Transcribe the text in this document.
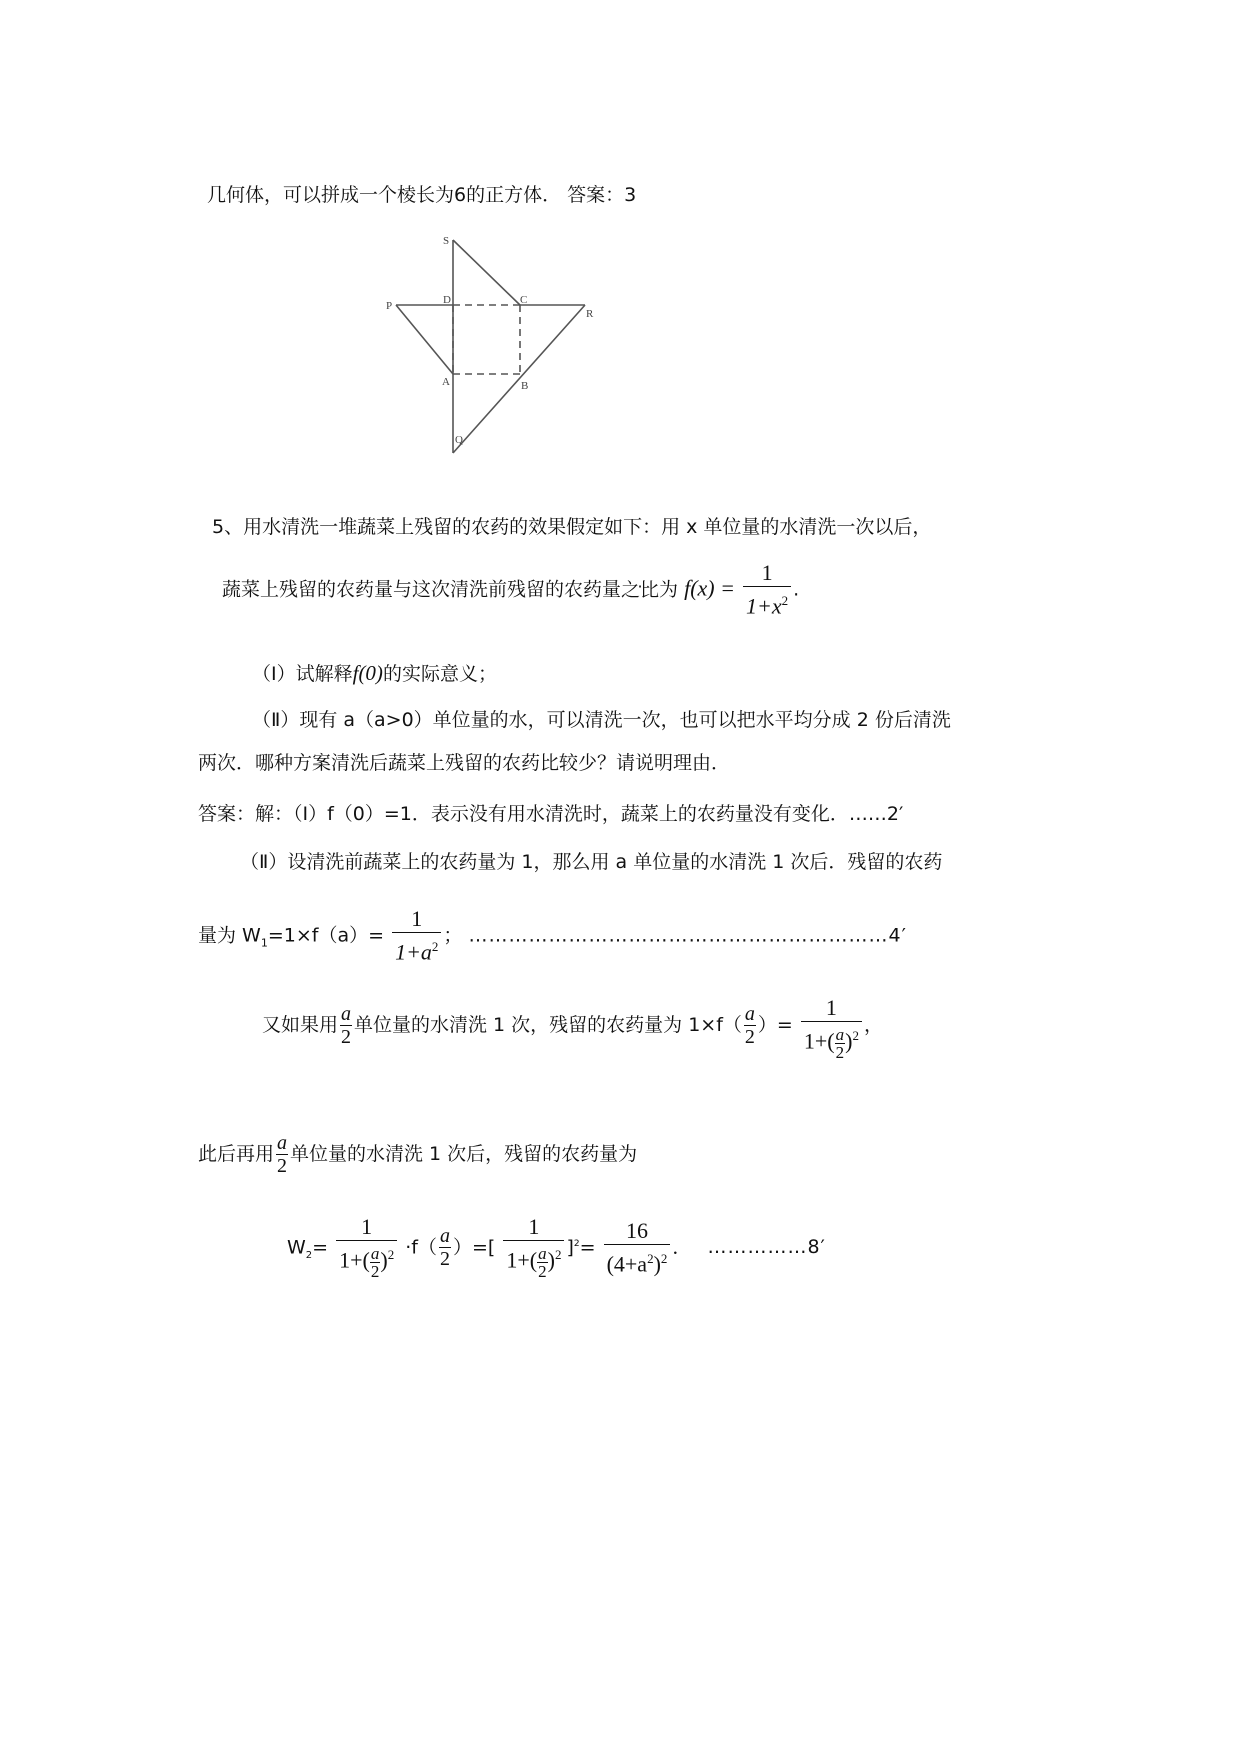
几何体，可以拼成一个棱长为6的正方体． 答案：3
S
D	C
P
R
A	B
Q
5、用水清洗一堆蔬菜上残留的农药的效果假定如下：用 x 单位量的水清洗一次以后，
蔬菜上残留的农药量与这次清洗前残留的农药量之比 ·为 $f(x) = \frac{1}{1+x^2}$ .
（Ⅰ）试解释f(0)的实际意义；
（Ⅱ）现有 a（a>0）单位量的水，可以清洗一次，也可以把水平均分成 2 份后清洗
两次．哪种方案清洗后蔬菜上残留的农药比较少？请说明理由．
答案：解：（I）f（0）=1．表示没有用水清洗时，蔬菜上的农药量没有变化．……2′
（Ⅱ）设清洗前蔬菜上的农药量为 1，那么用 a 单位量的水清洗 1 次后．残留的农药
量为 $W_1=1\times f(a)= \frac{1}{1+a^2}$ ； ………………………………………………………4′
又如果用 $\frac{a}{2}$ 单位量的水清洗 1 次，残留的农药量为 $1\times f( \frac{a}{2}$ ）= $\frac{1}{1+( \frac{a}{2} )^2}$ ，
此后再用 $\frac{a}{2}$ 单位量的水清洗 1 次后，残留的农药量为
$W_2= \frac{1}{1+( \frac{a}{2} )^2} \cdot f( \frac{a}{2}$ ）=[ $\frac{1}{1+( \frac{a}{2} )^2} ]^2= \frac{16}{(4+a^2)^2}$ ． ……………8′
